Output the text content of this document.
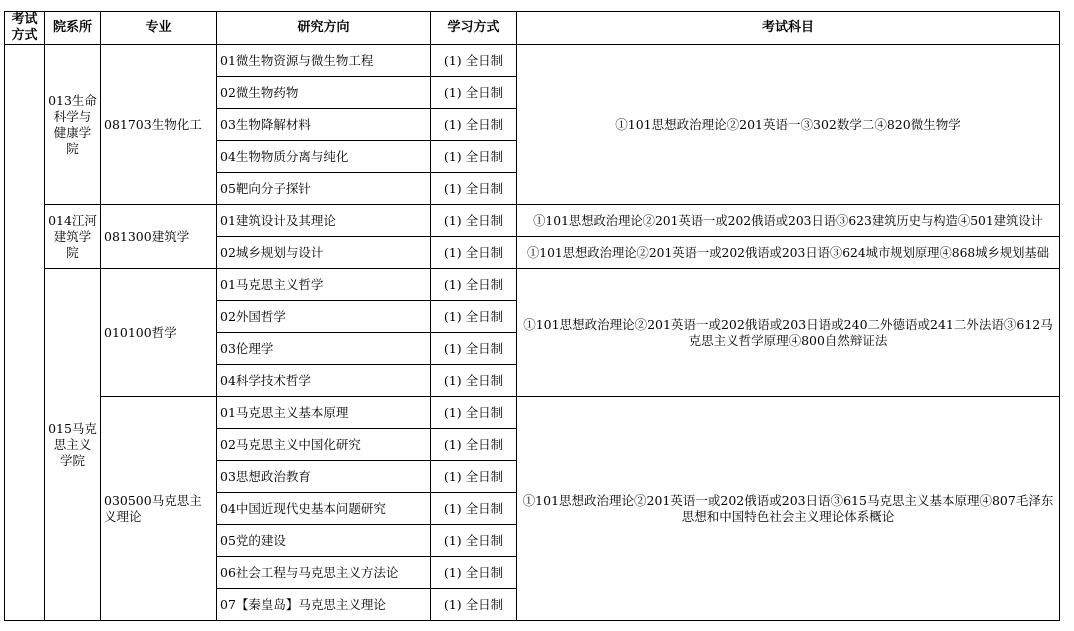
考试方式	院系所	专业	研究方向	学习方式	考试科目
	013生命科学与健康学院	081703生物化工	01微生物资源与微生物工程	(1) 全日制	①101思想政治理论②201英语一③302数学二④820微生物学
			02微生物药物	(1) 全日制	
			03生物降解材料	(1) 全日制	
			04生物物质分离与纯化	(1) 全日制	
			05靶向分子探针	(1) 全日制	
	014江河建筑学院	081300建筑学	01建筑设计及其理论	(1) 全日制	①101思想政治理论②201英语一或202俄语或203日语③623建筑历史与构造④501建筑设计
			02城乡规划与设计	(1) 全日制	①101思想政治理论②201英语一或202俄语或203日语③624城市规划原理④868城乡规划基础
	015马克思主义学院	010100哲学	01马克思主义哲学	(1) 全日制	①101思想政治理论②201英语一或202俄语或203日语或240二外德语或241二外法语③612马克思主义哲学原理④800自然辩证法
			02外国哲学	(1) 全日制	
			03伦理学	(1) 全日制	
			04科学技术哲学	(1) 全日制	
		030500马克思主义理论	01马克思主义基本原理	(1) 全日制	①101思想政治理论②201英语一或202俄语或203日语③615马克思主义基本原理④807毛泽东思想和中国特色社会主义理论体系概论
			02马克思主义中国化研究	(1) 全日制	
			03思想政治教育	(1) 全日制	
			04中国近现代史基本问题研究	(1) 全日制	
			05党的建设	(1) 全日制	
			06社会工程与马克思主义方法论	(1) 全日制	
			07【秦皇岛】马克思主义理论	(1) 全日制	
